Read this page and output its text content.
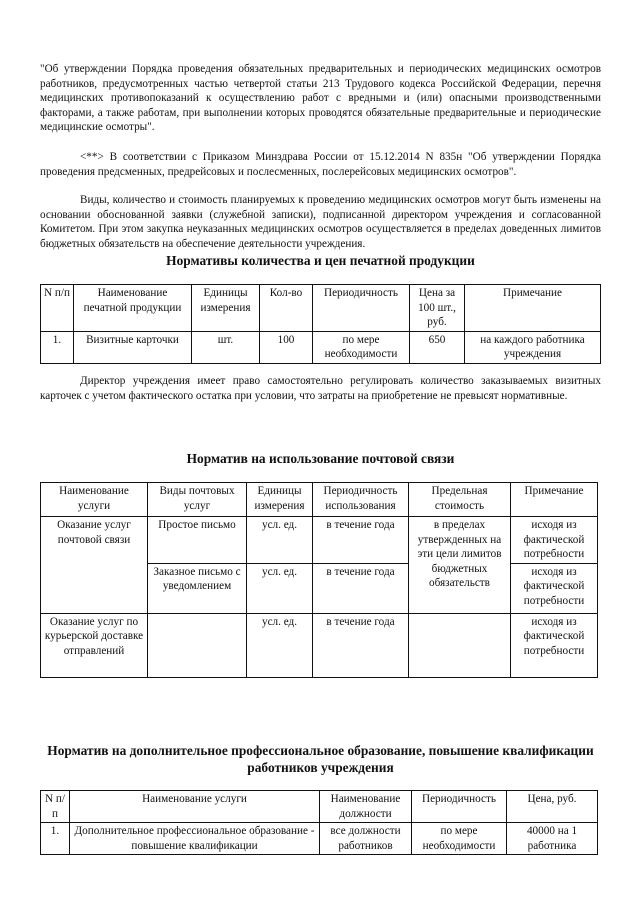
"Об утверждении Порядка проведения обязательных предварительных и периодических медицинских осмотров работников, предусмотренных частью четвертой статьи 213 Трудового кодекса Российской Федерации, перечня медицинских противопоказаний к осуществлению работ с вредными и (или) опасными производственными факторами, а также работам, при выполнении которых проводятся обязательные предварительные и периодические медицинские осмотры".

<**> В соответствии с Приказом Минздрава России от 15.12.2014 N 835н "Об утверждении Порядка проведения предсменных, предрейсовых и послесменных, послерейсовых медицинских осмотров".

Виды, количество и стоимость планируемых к проведению медицинских осмотров могут быть изменены на основании обоснованной заявки (служебной записки), подписанной директором учреждения и согласованной Комитетом. При этом закупка неуказанных медицинских осмотров осуществляется в пределах доведенных лимитов бюджетных обязательств на обеспечение деятельности учреждения.

Нормативы количества и цен печатной продукции

N п/п	Наименование печатной продукции	Единицы измерения	Кол-во	Периодичность	Цена за 100 шт., руб.	Примечание
1.	Визитные карточки	шт.	100	по мере необходимости	650	на каждого работника учреждения

Директор учреждения имеет право самостоятельно регулировать количество заказываемых визитных карточек с учетом фактического остатка при условии, что затраты на приобретение не превысят нормативные.

Норматив на использование почтовой связи

Наименование услуги	Виды почтовых услуг	Единицы измерения	Периодичность использования	Предельная стоимость	Примечание
Оказание услуг почтовой связи	Простое письмо	усл. ед.	в течение года	в пределах утвержденных на эти цели лимитов бюджетных обязательств	исходя из фактической потребности
	Заказное письмо с уведомлением	усл. ед.	в течение года		исходя из фактической потребности
Оказание услуг по курьерской доставке отправлений		усл. ед.	в течение года		исходя из фактической потребности

Норматив на дополнительное профессиональное образование, повышение квалификации работников учреждения

N п/п	Наименование услуги	Наименование должности	Периодичность	Цена, руб.
1.	Дополнительное профессиональное образование - повышение квалификации	все должности работников	по мере необходимости	40000 на 1 работника
